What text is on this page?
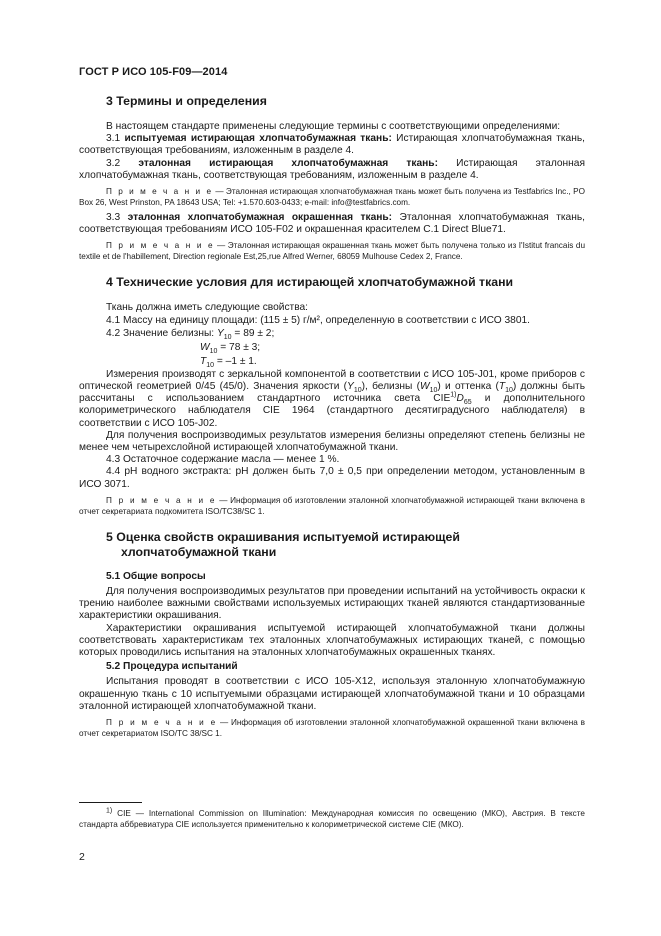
ГОСТ Р ИСО 105-F09—2014
3 Термины и определения

В настоящем стандарте применены следующие термины с соответствующими определениями:

3.1 испытуемая истирающая хлопчатобумажная ткань: Истирающая хлопчатобумажная ткань, соответствующая требованиям, изложенным в разделе 4.

3.2 эталонная истирающая хлопчатобумажная ткань: Истирающая эталонная хлопчатобумажная ткань, соответствующая требованиям, изложенным в разделе 4.

П р и м е ч а н и е — Эталонная истирающая хлопчатобумажная ткань может быть получена из Testfabrics Inc., PO Box 26, West Prinston, PA 18643 USA; Tel: +1.570.603-0433; e-mail: info@testfabrics.com.

3.3 эталонная хлопчатобумажная окрашенная ткань: Эталонная хлопчатобумажная ткань, соответствующая требованиям ИСО 105-F02 и окрашенная красителем C.1 Direct Blue71.

П р и м е ч а н и е — Эталонная истирающая окрашенная ткань может быть получена только из I'Istitut francais du textile et de l'habillement, Direction regionale Est,25,rue Alfred Werner, 68059 Mulhouse Cedex 2, France.
4 Технические условия для истирающей хлопчатобумажной ткани

Ткань должна иметь следующие свойства:

4.1 Массу на единицу площади: (115 ± 5) г/м², определенную в соответствии с ИСО 3801.

4.2 Значение белизны: $Y_{10} = 89 \pm 2$;

$W_{10} = 78 \pm 3$;

$T_{10} = -1 \pm 1$.

Измерения производят с зеркальной компонентой в соответствии с ИСО 105-J01, кроме приборов с оптической геометрией 0/45 (45/0). Значения яркости $(Y_{10})$, белизны $(W_{10})$ и оттенка $(T_{10})$ должны быть рассчитаны с использованием стандартного источника света $CIE^{1)}D_{65}$ и дополнительного колориметрического наблюдателя CIE 1964 (стандартного десятиградусного наблюдателя) в соответствии с ИСО 105-J02.

Для получения воспроизводимых результатов измерения белизны определяют степень белизны не менее чем четырехслойной истирающей хлопчатобумажной ткани.

4.3 Остаточное содержание масла — менее 1 %.

4.4 рН водного экстракта: рН должен быть 7,0 ± 0,5 при определении методом, установленным в ИСО 3071.

П р и м е ч а н и е — Информация об изготовлении эталонной хлопчатобумажной истирающей ткани включена в отчет секретариата подкомитета ISO/TC38/SC 1.
5 Оценка свойств окрашивания испытуемой истирающей
хлопчатобумажной ткани
5.1 Общие вопросы

Для получения воспроизводимых результатов при проведении испытаний на устойчивость окраски к трению наиболее важными свойствами используемых истирающих тканей являются стандартизованные характеристики окрашивания.

Характеристики окрашивания испытуемой истирающей хлопчатобумажной ткани должны соответствовать характеристикам тех эталонных хлопчатобумажных истирающих тканей, с помощью которых проводились испытания на эталонных хлопчатобумажных окрашенных тканях.

5.2 Процедура испытаний

Испытания проводят в соответствии с ИСО 105-X12, используя эталонную хлопчатобумажную окрашенную ткань с 10 испытуемыми образцами истирающей хлопчатобумажной ткани и 10 образцами эталонной истирающей хлопчатобумажной ткани.

П р и м е ч а н и е — Информация об изготовлении эталонной хлопчатобумажной окрашенной ткани включена в отчет секретариатом ISO/TC 38/SC 1.
$^{1)}$ CIE — International Commission on Illumination: Международная комиссия по освещению (МКО), Австрия. В тексте стандарта аббревиатура CIE используется применительно к колориметрической системе CIE (МКО).
2
